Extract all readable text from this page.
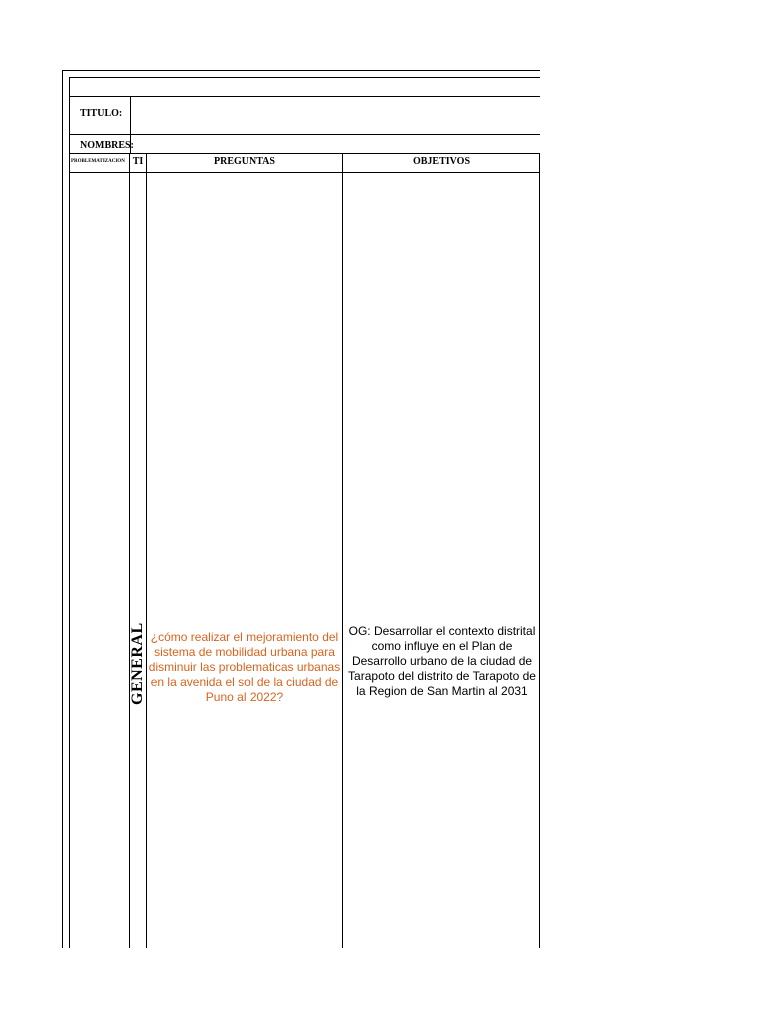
TITULO:
NOMBRES:
PROBLEMATIZACION TI	PREGUNTAS	OBJETIVOS
GENERAL ¿cómo realizar el mejoramiento del sistema de mobilidad urbana para disminuir las problematicas urbanas en la avenida el sol de la ciudad de Puno al 2022?
OG: Desarrollar el contexto distrital como influye en el Plan de Desarrollo urbano de la ciudad de Tarapoto del distrito de Tarapoto de la Region de San Martin al 2031
